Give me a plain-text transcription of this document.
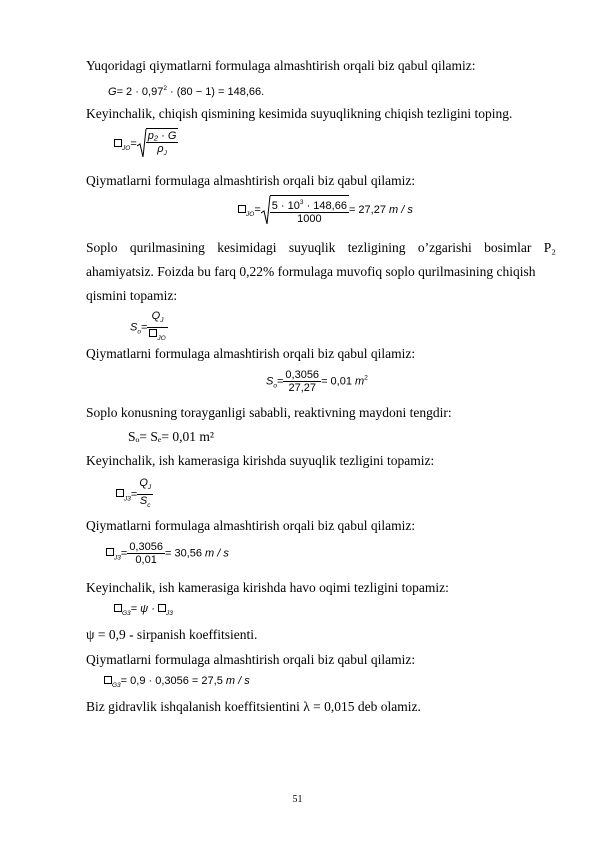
Yuqoridagi qiymatlarni formulaga almashtirish orqali biz qabul qilamiz:
$G= 2 \cdot 0,97^2 \cdot (80 - 1) = 148,66$.
Keyinchalik, chiqish qismining kesimida suyuqlikning chiqish tezligini toping.
$_{JO}= \frac{\text{p₂ · G}}{\rho_J}$
Qiymatlarni formulaga almashtirish orqali biz qabul qilamiz:
$_{JO}= \frac{5 \cdot 10^3 \cdot 148,66}{1000} = 27,27$ m / s
Soplo qurilmasining kesimidagi suyuqlik tezligining o’zgarishi bosimlar P₂
ahamiyatsiz. Foizda bu farq 0,22% formulaga muvofiq soplo qurilmasining chiqish
qismini topamiz:
$S_o= \frac{Q_J}{_{JO}}$
Qiymatlarni formulaga almashtirish orqali biz qabul qilamiz:
$S_o= \frac{0,3056}{27,27} = 0,01$ $m^2$
Soplo konusning torayganligi sababli, reaktivning maydoni tengdir:
Sₒ= Sₑ= 0,01 m²
Keyinchalik, ish kamerasiga kirishda suyuqlik tezligini topamiz:
$_{J3}= \frac{Q_J}{S_c}$
Qiymatlarni formulaga almashtirish orqali biz qabul qilamiz:
$_{J3}= \frac{0,3056}{0,01} = 30,56$ m / s
Keyinchalik, ish kamerasiga kirishda havo oqimi tezligini topamiz:
$_{G3}$= ψ · $_{J3}$
ψ = 0,9 - sirpanish koeffitsienti.
Qiymatlarni formulaga almashtirish orqali biz qabul qilamiz:
$_{G3}$= 0,9 · 0,3056 = 27,5 m / s
Biz gidravlik ishqalanish koeffitsientini λ = 0,015 deb olamiz.
51
